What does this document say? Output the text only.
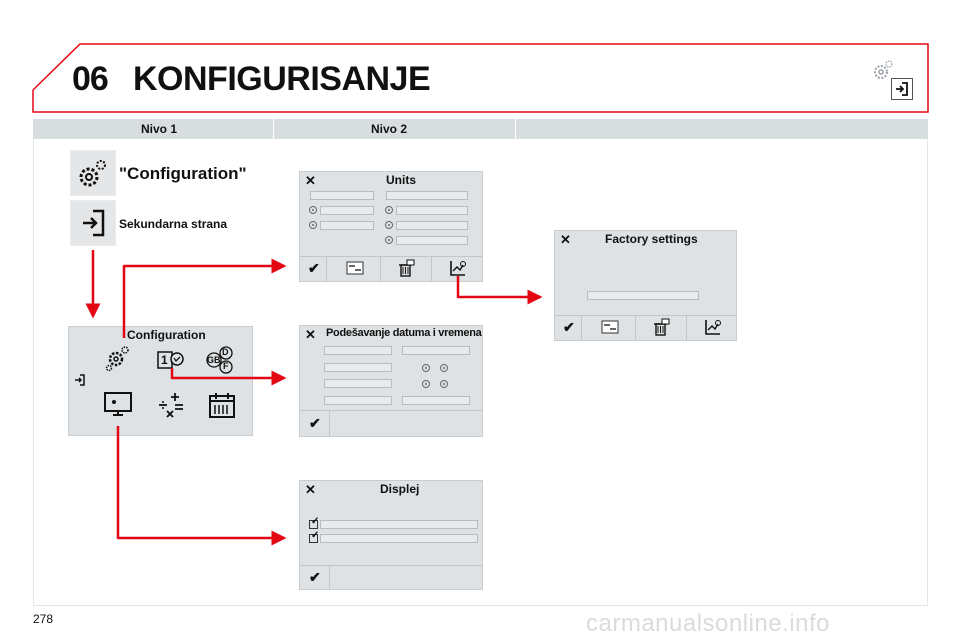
06 KONFIGURISANJE
Nivo 1	Nivo 2
"Configuration"
Sekundarna strana
Configuration
1
D
GB
F
✕	Units
✔
✕	Factory settings
✔
✕ Podešavanje datuma i vremena
✔
✕	Displej
✓
✓
✔
278	carmanualsonline.info
